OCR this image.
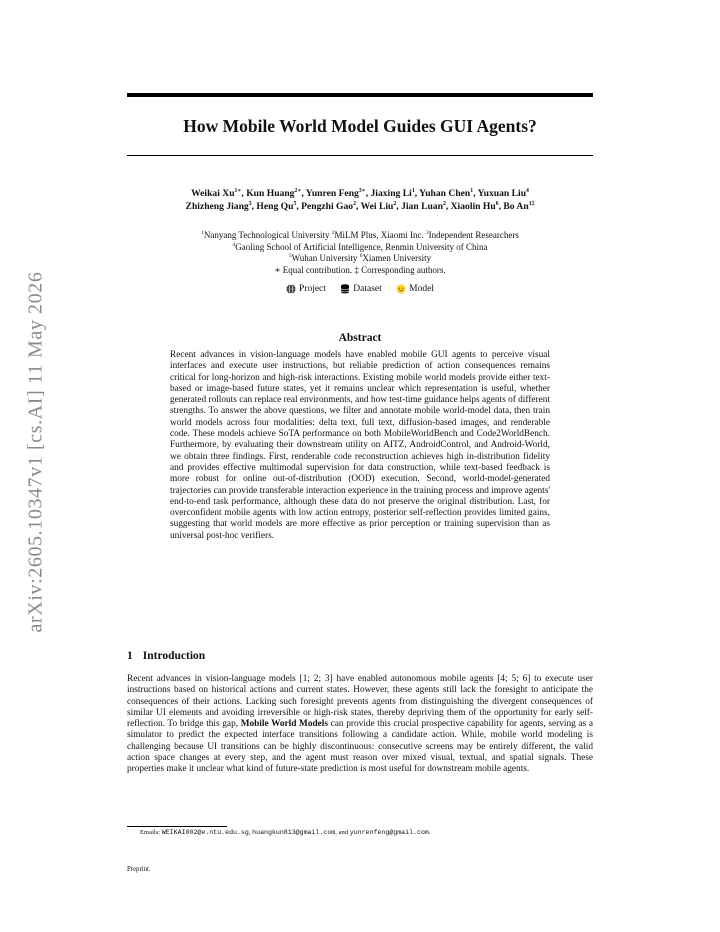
arXiv:2605.10347v1 [cs.AI] 11 May 2026
How Mobile World Model Guides GUI Agents?
Weikai $Xu^{1∗}$, Kun Huang$^{2∗}$, Yunren Feng$^{3∗}$, Jiaxing Li$^1$, Yuhan Chen$^1$, Yuxuan Liu$^4$
Zhizheng Jiang$^3$, Heng Qu$^5$, Pengzhi Gao$^2$, Wei Liu$^2$, Jian Luan$^2$, Xiaolin Hu$^6$, Bo $An^{1\ddagger}$
$^1$Nanyang Technological University $^2$MiLM Plus, Xiaomi Inc. $^3$Independent Researchers
$^4$Gaoling School of Artificial Intelligence, Renmin University of China
$^5$Wuhan University $^6$Xiamen University
∗ Equal contribution. ‡ Corresponding authors.
Project
	Dataset
	Model
Abstract
Recent advances in vision-language models have enabled mobile GUI agents to perceive visual interfaces and execute user instructions, but reliable prediction of action consequences remains critical for long-horizon and high-risk interactions. Existing mobile world models provide either text-based or image-based future states, yet it remains unclear which representation is useful, whether generated rollouts can replace real environments, and how test-time guidance helps agents of different strengths. To answer the above questions, we filter and annotate mobile world-model data, then train world models across four modalities: delta text, full text, diffusion-based images, and renderable code. These models achieve SoTA performance on both MobileWorldBench and Code2WorldBench. Furthermore, by evaluating their downstream utility on AITZ, AndroidControl, and Android-World, we obtain three findings. First, renderable code reconstruction achieves high in-distribution fidelity and provides effective multimodal supervision for data construction, while text-based feedback is more robust for online out-of-distribution (OOD) execution. Second, world-model-generated trajectories can provide transferable interaction experience in the training process and improve agents' end-to-end task performance, although these data do not preserve the original distribution. Last, for overconfident mobile agents with low action entropy, posterior self-reflection provides limited gains, suggesting that world models are more effective as prior perception or training supervision than as universal post-hoc verifiers.
1 Introduction
Recent advances in vision-language models [1; 2; 3] have enabled autonomous mobile agents [4; 5; 6] to execute user instructions based on historical actions and current states. However, these agents still lack the foresight to anticipate the consequences of their actions. Lacking such foresight prevents agents from distinguishing the divergent consequences of similar UI elements and avoiding irreversible or high-risk states, thereby depriving them of the opportunity for early self-reflection. To bridge this gap, Mobile World Models can provide this crucial prospective capability for agents, serving as a simulator to predict the expected interface transitions following a candidate action. While, mobile world modeling is challenging because UI transitions can be highly discontinuous: consecutive screens may be entirely different, the valid action space changes at every step, and the agent must reason over mixed visual, textual, and spatial signals. These properties make it unclear what kind of future-state prediction is most useful for downstream mobile agents.
Emails: WEIKAI002@e.ntu.edu.sg, huangkun813@gmail.com, and yunrenfeng@gmail.com.
Preprint.
